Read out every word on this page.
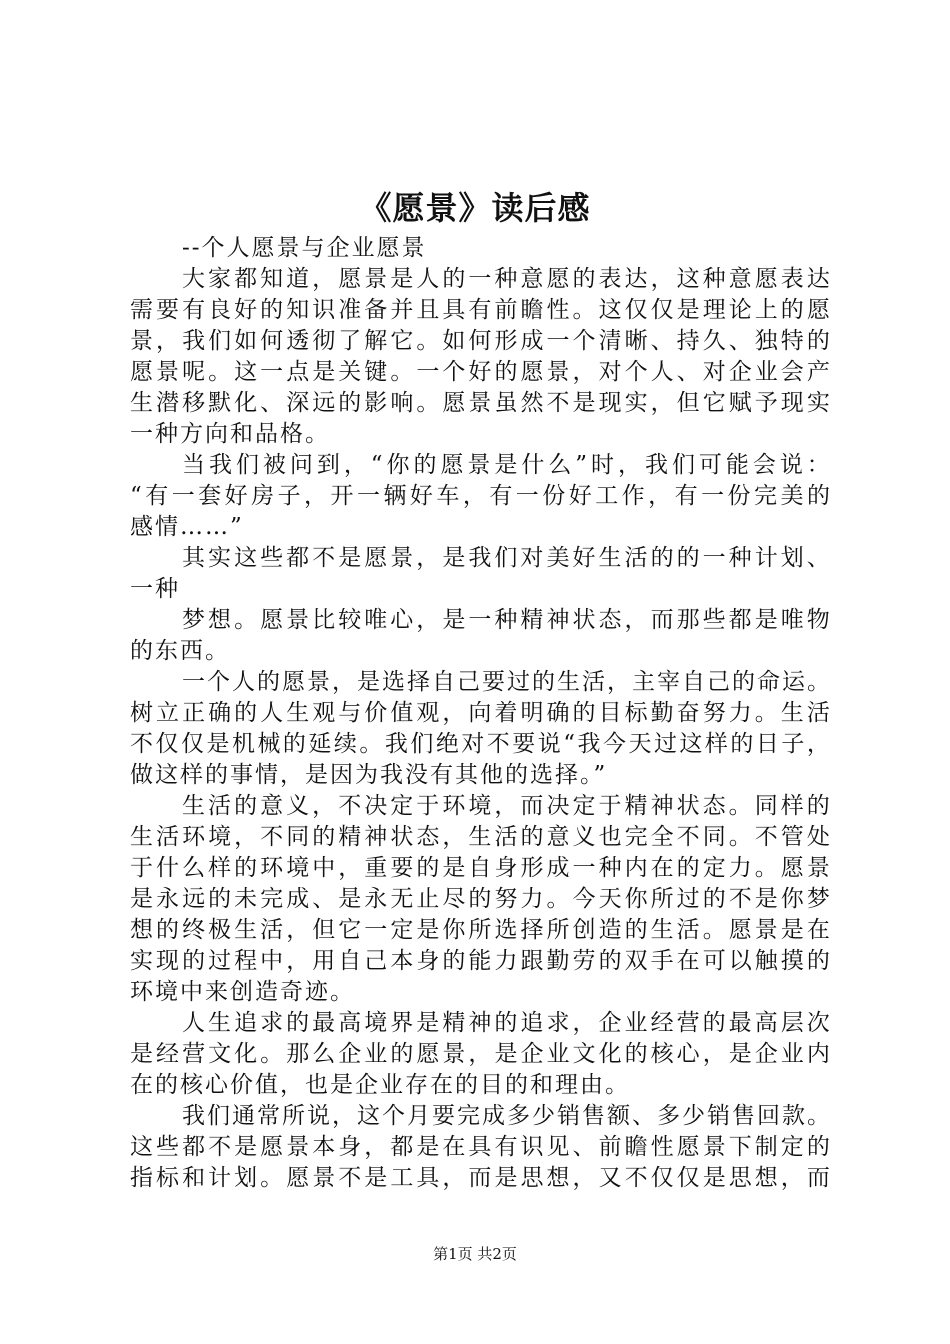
《愿景》读后感
--个人愿景与企业愿景
大 家 都 知 道 ， 愿 景 是 人 的 一 种 意 愿 的 表 达 ， 这 种 意 愿 表 达
需 要 有 良 好 的 知 识 准 备 并 且 具 有 前 瞻 性 。 这 仅 仅 是 理 论 上 的 愿
景 ， 我 们 如 何 透 彻 了 解 它 。 如 何 形 成 一 个 清 晰 、 持 久 、 独 特 的
愿 景 呢 。 这 一 点 是 关 键 。 一 个 好 的 愿 景 ， 对 个 人 、 对 企 业 会 产
生 潜 移 默 化 、 深 远 的 影 响 。 愿 景 虽 然 不 是 现 实 ， 但 它 赋 予 现 实
一种方向和品格。
当 我 们 被 问 到 ， “ 你 的 愿 景 是 什 么 ” 时 ， 我 们 可 能 会 说 ：
“ 有 一 套 好 房 子 ， 开 一 辆 好 车 ， 有 一 份 好 工 作 ， 有 一 份 完 美 的
感情……”
其 实 这 些 都 不 是 愿 景 ， 是 我 们 对 美 好 生 活 的 的 一 种 计 划 、
一种
梦 想 。 愿 景 比 较 唯 心 ， 是 一 种 精 神 状 态 ， 而 那 些 都 是 唯 物
的东西。
一 个 人 的 愿 景 ， 是 选 择 自 己 要 过 的 生 活 ， 主 宰 自 己 的 命 运 。
树 立 正 确 的 人 生 观 与 价 值 观 ， 向 着 明 确 的 目 标 勤 奋 努 力 。 生 活
不 仅 仅 是 机 械 的 延 续 。 我 们 绝 对 不 要 说 “ 我 今 天 过 这 样 的 日 子 ，
做这样的事情，是因为我没有其他的选择。”
生 活 的 意 义 ， 不 决 定 于 环 境 ， 而 决 定 于 精 神 状 态 。 同 样 的
生 活 环 境 ， 不 同 的 精 神 状 态 ， 生 活 的 意 义 也 完 全 不 同 。 不 管 处
于 什 么 样 的 环 境 中 ， 重 要 的 是 自 身 形 成 一 种 内 在 的 定 力 。 愿 景
是 永 远 的 未 完 成 、 是 永 无 止 尽 的 努 力 。 今 天 你 所 过 的 不 是 你 梦
想 的 终 极 生 活 ， 但 它 一 定 是 你 所 选 择 所 创 造 的 生 活 。 愿 景 是 在
实 现 的 过 程 中 ， 用 自 己 本 身 的 能 力 跟 勤 劳 的 双 手 在 可 以 触 摸 的
环境中来创造奇迹。
人 生 追 求 的 最 高 境 界 是 精 神 的 追 求 ， 企 业 经 营 的 最 高 层 次
是 经 营 文 化 。 那 么 企 业 的 愿 景 ， 是 企 业 文 化 的 核 心 ， 是 企 业 内
在的核心价值，也是企业存在的目的和理由。
我 们 通 常 所 说 ， 这 个 月 要 完 成 多 少 销 售 额 、 多 少 销 售 回 款 。
这 些 都 不 是 愿 景 本 身 ， 都 是 在 具 有 识 见 、 前 瞻 性 愿 景 下 制 定 的
指 标 和 计 划 。 愿 景 不 是 工 具 ， 而 是 思 想 ， 又 不 仅 仅 是 思 想 ， 而
第1页 共2页
